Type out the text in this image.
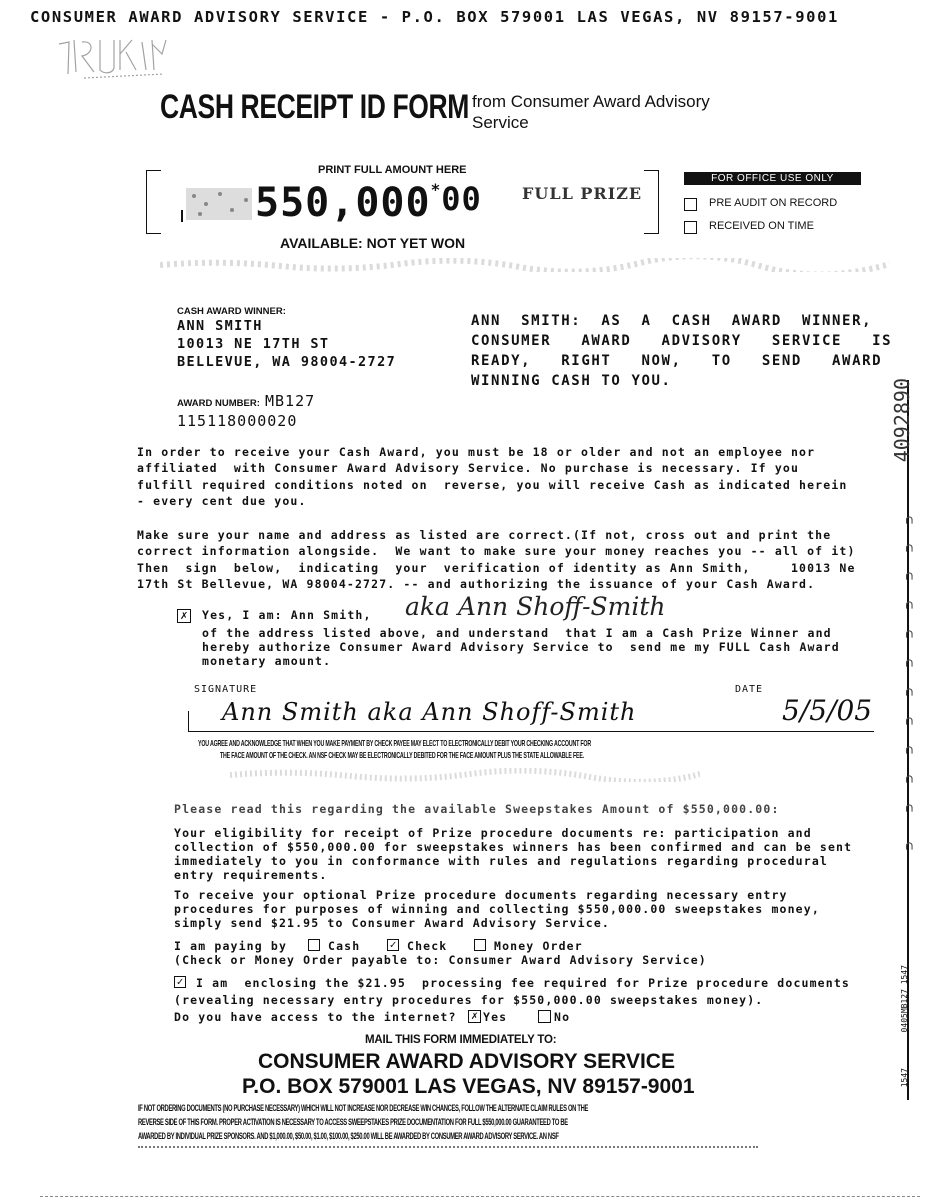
CONSUMER AWARD ADVISORY SERVICE - P.O. BOX 579001 LAS VEGAS, NV 89157-9001
CASH RECEIPT ID FORM from Consumer Award Advisory
Service
PRINT FULL AMOUNT HERE
550,000*00	FULL PRIZE
AVAILABLE: NOT YET WON
FOR OFFICE USE ONLY
PRE AUDIT ON RECORD
RECEIVED ON TIME
CASH AWARD WINNER:
ANN SMITH
10013 NE 17TH ST
BELLEVUE, WA 98004-2727
ANN  SMITH:  AS  A  CASH  AWARD  WINNER,
CONSUMER   AWARD   ADVISORY   SERVICE   IS
READY,   RIGHT   NOW,   TO   SEND   AWARD
WINNING CASH TO YOU.
AWARD NUMBER: MB127
115118000020
In order to receive your Cash Award, you must be 18 or older and not an employee nor
affiliated  with Consumer Award Advisory Service. No purchase is necessary. If you
fulfill required conditions noted on  reverse, you will receive Cash as indicated herein
- every cent due you.
Make sure your name and address as listed are correct.(If not, cross out and print the
correct information alongside.  We want to make sure your money reaches you -- all of it)
Then  sign  below,  indicating  your  verification of identity as Ann Smith,     10013 Ne
17th St Bellevue, WA 98004-2727. -- and authorizing the issuance of your Cash Award.
✗ Yes, I am: Ann Smith, aka Ann Shoff-Smith
of the address listed above, and understand  that I am a Cash Prize Winner and
hereby authorize Consumer Award Advisory Service to  send me my FULL Cash Award
monetary amount.
SIGNATURE	DATE
Ann Smith aka Ann Shoff-Smith	5/5/05
YOU AGREE AND ACKNOWLEDGE THAT WHEN YOU MAKE PAYMENT BY CHECK PAYEE MAY ELECT TO ELECTRONICALLY DEBIT YOUR CHECKING ACCOUNT FOR
THE FACE AMOUNT OF THE CHECK. AN NSF CHECK MAY BE ELECTRONICALLY DEBITED FOR THE FACE AMOUNT PLUS THE STATE ALLOWABLE FEE.
Please read this regarding the available Sweepstakes Amount of $550,000.00:
Your eligibility for receipt of Prize procedure documents re: participation and
collection of $550,000.00 for sweepstakes winners has been confirmed and can be sent
immediately to you in conformance with rules and regulations regarding procedural
entry requirements.
To receive your optional Prize procedure documents regarding necessary entry
procedures for purposes of winning and collecting $550,000.00 sweepstakes money,
simply send $21.95 to Consumer Award Advisory Service.
I am paying by	Cash	✓ Check	Money Order
(Check or Money Order payable to: Consumer Award Advisory Service)
✓ I am  enclosing the $21.95  processing fee required for Prize procedure documents
(revealing necessary entry procedures for $550,000.00 sweepstakes money).
Do you have access to the internet? ✗ Yes	No
MAIL THIS FORM IMMEDIATELY TO:
CONSUMER AWARD ADVISORY SERVICE
P.O. BOX 579001 LAS VEGAS, NV 89157-9001
IF NOT ORDERING DOCUMENTS (NO PURCHASE NECESSARY) WHICH WILL NOT INCREASE NOR DECREASE WIN CHANCES, FOLLOW THE ALTERNATE CLAIM RULES ON THE
REVERSE SIDE OF THIS FORM. PROPER ACTIVATION IS NECESSARY TO ACCESS SWEEPSTAKES PRIZE DOCUMENTATION FOR FULL $550,000.00 GUARANTEED TO BE
AWARDED BY INDIVIDUAL PRIZE SPONSORS. AND $1,000.00, $50.00, $1.00, $100.00, $250.00 WILL BE AWARDED BY CONSUMER AWARD ADVISORY SERVICE. AN NSF
4092890
⊂
⊂
⊂
⊂
⊂
⊂
⊂
⊂
⊂
⊂
⊂
⊂
0405MB127 1547
1547
